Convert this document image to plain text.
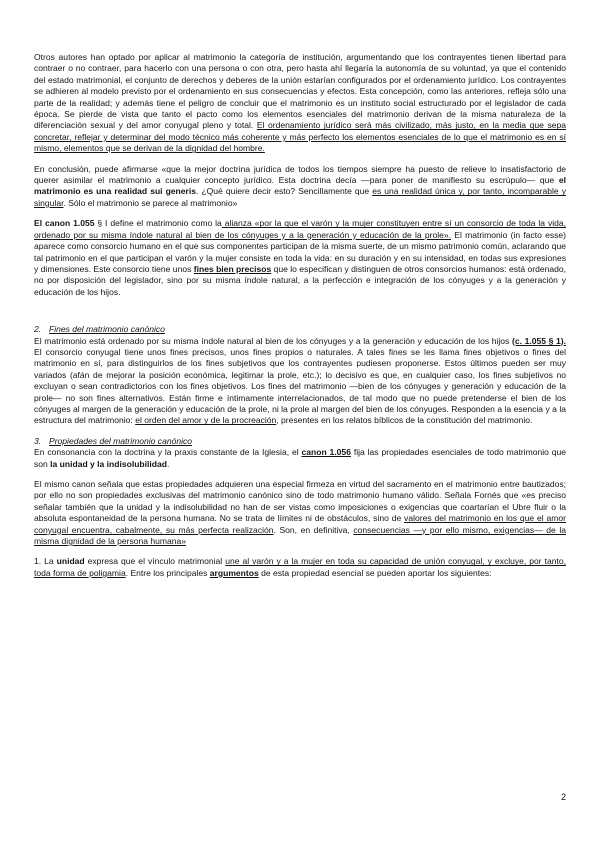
Otros autores han optado por aplicar al matrimonio la categoría de institución, argumentando que los contrayentes tienen libertad para contraer o no contraer, para hacerlo con una persona o con otra, pero hasta ahí llegaría la autonomía de su voluntad, ya que el contenido del estado matrimonial, el conjunto de derechos y deberes de la unión estarían configurados por el ordenamiento jurídico. Los contrayentes se adhieren al modelo previsto por el ordenamiento en sus consecuencias y efectos. Esta concepción, como las anteriores, refleja sólo una parte de la realidad; y además tiene el peligro de concluir que el matrimonio es un instituto social estructurado por el legislador de cada época. Se pierde de vista que tanto el pacto como los elementos esenciales del matrimonio derivan de la misma naturaleza de la diferenciación sexual y del amor conyugal pleno y total. El ordenamiento jurídico será más civilizado, más justo, en la media que sepa concretar, reflejar y determinar del modo técnico más coherente y más perfecto los elementos esenciales de lo que el matrimonio es en sí mismo, elementos que se derivan de la dignidad del hombre.

En conclusión, puede afirmarse «que la mejor doctrina jurídica de todos los tiempos siempre ha puesto de relieve lo insatisfactorio de querer asimilar el matrimonio a cualquier concepto jurídico. Esta doctrina decía —para poner de manifiesto su escrúpulo— que el matrimonio es una realidad sui generis. ¿Qué quiere decir esto? Sencillamente que es una realidad única y, por tanto, incomparable y singular. Sólo el matrimonio se parece al matrimonio»

El canon 1.055 § I define el matrimonio como la alianza «por la que el varón y la mujer constituyen entre sí un consorcio de toda la vida, ordenado por su misma índole natural al bien de los cónyuges y a la generación y educación de la prole». El matrimonio (in facto esse) aparece como consorcio humano en el que sus componentes participan de la misma suerte, de un mismo patrimonio común, aclarando que tal patrimonio en el que participan el varón y la mujer consiste en toda la vida: en su duración y en su intensidad, en todas sus expresiones y dimensiones. Este consorcio tiene unos fines bien precisos que lo especifican y distinguen de otros consorcios humanos: está ordenado, no por disposición del legislador, sino por su misma índole natural, a la perfección e integración de los cónyuges y a la generación y educación de los hijos.

2. Fines del matrimonio canónico

El matrimonio está ordenado por su misma índole natural al bien de los cónyuges y a la generación y educación de los hijos (c. 1.055 § 1). El consorcio conyugal tiene unos fines precisos, unos fines propios o naturales. A tales fines se les llama fines objetivos o fines del matrimonio en sí, para distinguirlos de los fines subjetivos que los contrayentes pudiesen proponerse. Estos últimos pueden ser muy variados (afán de mejorar la posición económica, legitimar la prole, etc.); lo decisivo es que, en cualquier caso, los fines subjetivos no excluyan o sean contradictorios con los fines objetivos. Los fines del matrimonio —bien de los cónyuges y generación y educación de la prole— no son fines alternativos. Están firme e íntimamente interrelacionados, de tal modo que no puede pretenderse el bien de los cónyuges al margen de la generación y educación de la prole, ni la prole al margen del bien de los cónyuges. Responden a la esencia y a la estructura del matrimonio: el orden del amor y de la procreación, presentes en los relatos bíblicos de la constitución del matrimonio.

3. Propiedades del matrimonio canónico

En consonancia con la doctrina y la praxis constante de la Iglesia, el canon 1.056 fija las propiedades esenciales de todo matrimonio que son la unidad y la indisolubilidad.

El mismo canon señala que estas propiedades adquieren una especial firmeza en virtud del sacramento en el matrimonio entre bautizados; por ello no son propiedades exclusivas del matrimonio canónico sino de todo matrimonio humano válido. Señala Fornés que «es preciso señalar también que la unidad y la indisolubilidad no han de ser vistas como imposiciones o exigencias que coartarían el Ubre fluir o la absoluta espontaneidad de la persona humana. No se trata de límites ni de obstáculos, sino de valores del matrimonio en los que el amor conyugal encuentra, cabalmente, su más perfecta realización. Son, en definitiva, consecuencias —y por ello mismo, exigencias— de la misma dignidad de la persona humana»

1. La unidad expresa que el vínculo matrimonial une al varón y a la mujer en toda su capacidad de unión conyugal, y excluye, por tanto, toda forma de poligamia. Entre los principales argumentos de esta propiedad esencial se pueden aportar los siguientes:

2
